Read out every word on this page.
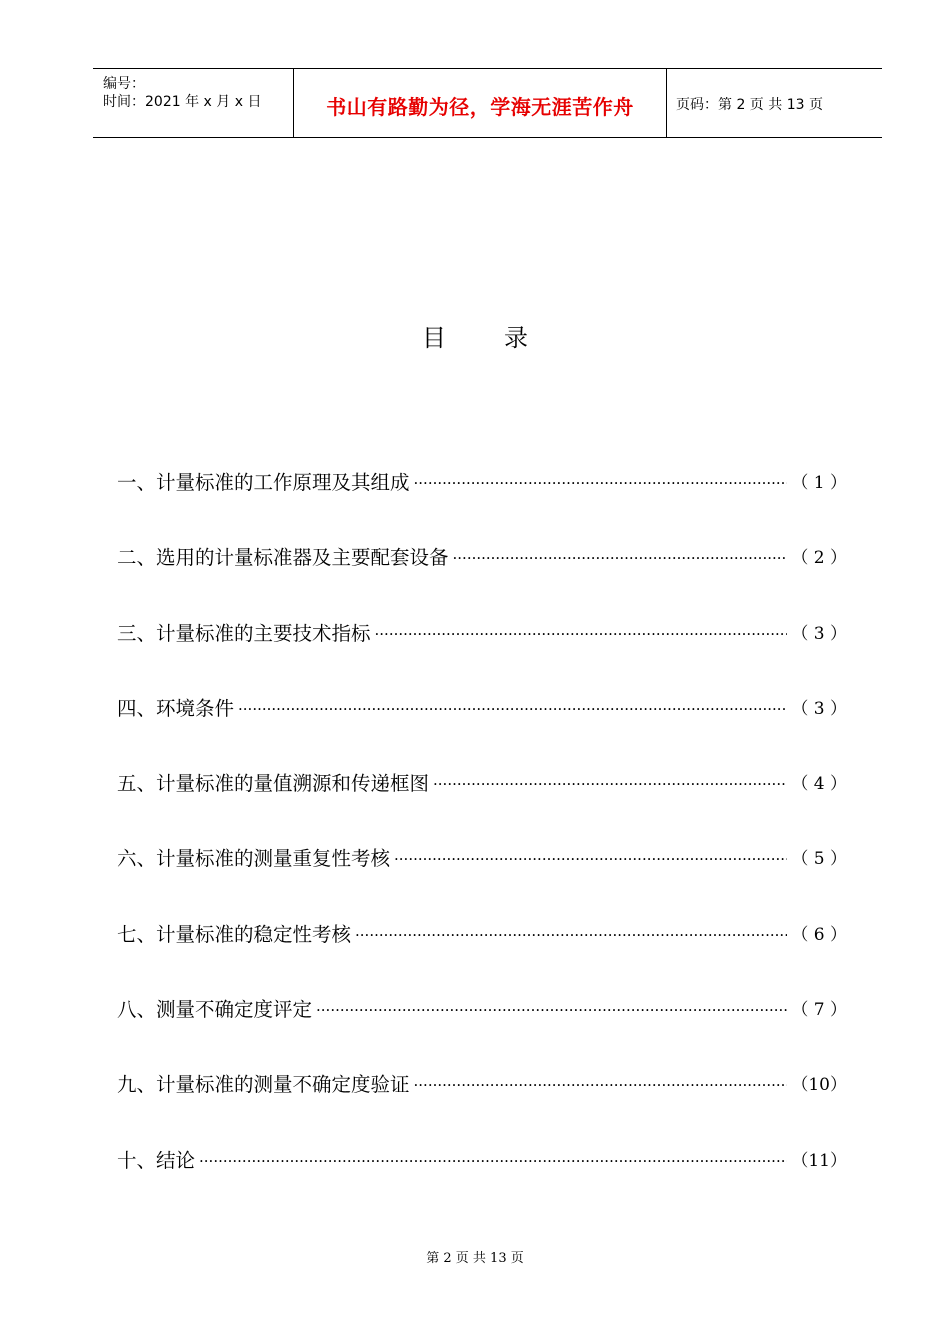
编号：
时间：2021 年 x 月 x 日	书山有路勤为径，学海无涯苦作舟	页码：第 2 页 共 13 页
目 录
一、计量标准的工作原理及其组成 ·····	（ 1 ）
二、选用的计量标准器及主要配套设备 ·····	（ 2 ）
三、计量标准的主要技术指标 ·····	（ 3 ）
四、环境条件 ·····	（ 3 ）
五、计量标准的量值溯源和传递框图 ·····	（ 4 ）
六、计量标准的测量重复性考核 ·····	（ 5 ）
七、计量标准的稳定性考核 ·····	（ 6 ）
八、测量不确定度评定 ·····	（ 7 ）
九、计量标准的测量不确定度验证 ·····	（10）
十、结论 ·····	（11）
第 2 页 共 13 页
